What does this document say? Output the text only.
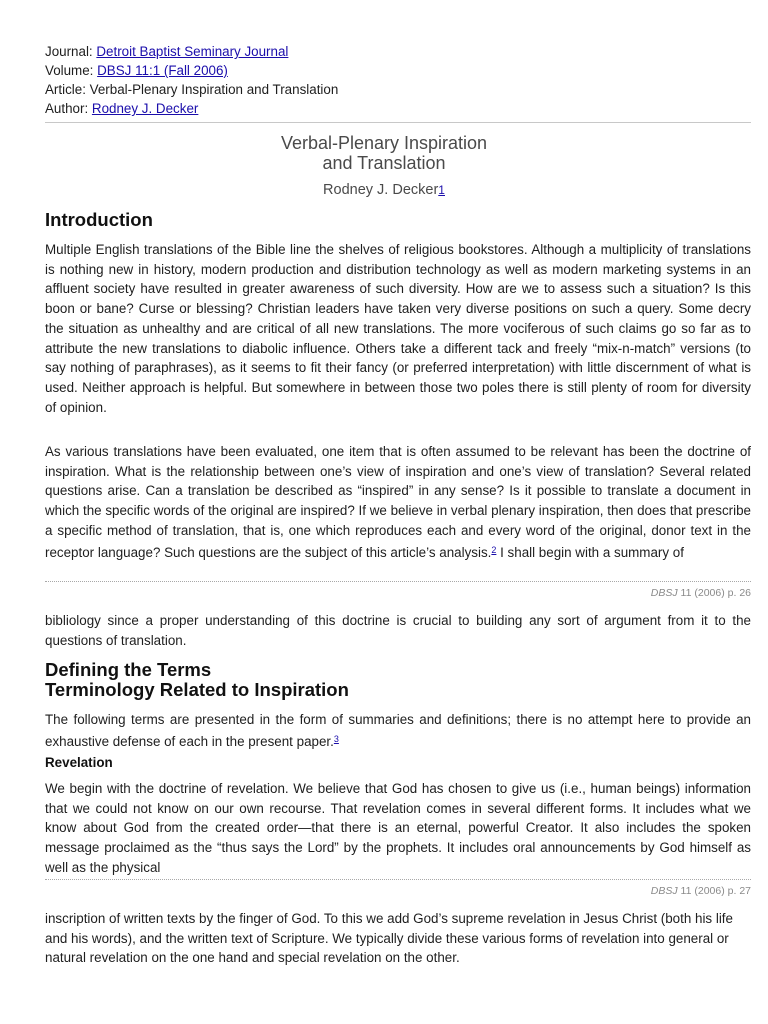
Journal: Detroit Baptist Seminary Journal
Volume: DBSJ 11:1 (Fall 2006)
Article: Verbal-Plenary Inspiration and Translation
Author: Rodney J. Decker
Verbal-Plenary Inspiration
and Translation
Rodney J. Decker1
Introduction

Multiple English translations of the Bible line the shelves of religious bookstores. Although a multiplicity of translations is nothing new in history, modern production and distribution technology as well as modern marketing systems in an affluent society have resulted in greater awareness of such diversity. How are we to assess such a situation? Is this boon or bane? Curse or blessing? Christian leaders have taken very diverse positions on such a query. Some decry the situation as unhealthy and are critical of all new translations. The more vociferous of such claims go so far as to attribute the new translations to diabolic influence. Others take a different tack and freely “mix-n-match” versions (to say nothing of paraphrases), as it seems to fit their fancy (or preferred interpretation) with little discernment of what is used. Neither approach is helpful. But somewhere in between those two poles there is still plenty of room for diversity of opinion.

As various translations have been evaluated, one item that is often assumed to be relevant has been the doctrine of inspiration. What is the relationship between one’s view of inspiration and one’s view of translation? Several related questions arise. Can a translation be described as “inspired” in any sense? Is it possible to translate a document in which the specific words of the original are inspired? If we believe in verbal plenary inspiration, then does that prescribe a specific method of translation, that is, one which reproduces each and every word of the original, donor text in the receptor language? Such questions are the subject of this article’s analysis.$^2$ I shall begin with a summary of

DBSJ 11 (2006) p. 26

bibliology since a proper understanding of this doctrine is crucial to building any sort of argument from it to the questions of translation.

Defining the Terms
Terminology Related to Inspiration

The following terms are presented in the form of summaries and definitions; there is no attempt here to provide an exhaustive defense of each in the present paper.$^3$

Revelation

We begin with the doctrine of revelation. We believe that God has chosen to give us (i.e., human beings) information that we could not know on our own recourse. That revelation comes in several different forms. It includes what we know about God from the created order—that there is an eternal, powerful Creator. It also includes the spoken message proclaimed as the “thus says the Lord” by the prophets. It includes oral announcements by God himself as well as the physical

DBSJ 11 (2006) p. 27

inscription of written texts by the finger of God. To this we add God’s supreme revelation in Jesus Christ (both his life and his words), and the written text of Scripture. We typically divide these various forms of revelation into general or natural revelation on the one hand and special revelation on the other.
